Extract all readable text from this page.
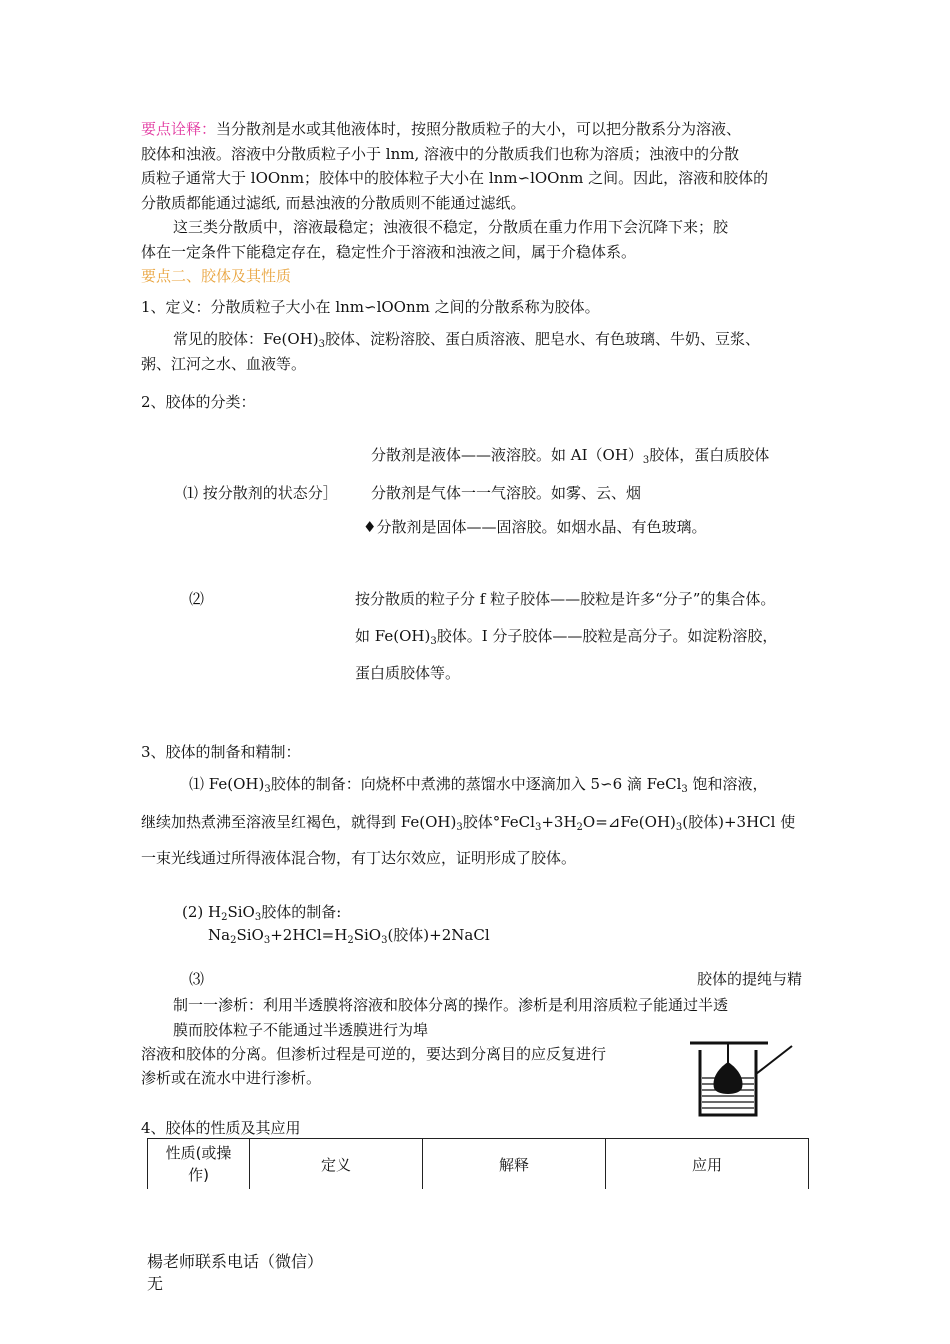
要点诠释：当分散剂是水或其他液体时，按照分散质粒子的大小，可以把分散系分为溶液、
胶体和浊液。溶液中分散质粒子小于 lnm, 溶液中的分散质我们也称为溶质；浊液中的分散
质粒子通常大于 lOOnm；胶体中的胶体粒子大小在 lnm∽lOOnm 之间。因此，溶液和胶体的
分散质都能通过滤纸, 而悬浊液的分散质则不能通过滤纸。
这三类分散质中，溶液最稳定；浊液很不稳定，分散质在重力作用下会沉降下来；胶
体在一定条件下能稳定存在，稳定性介于溶液和浊液之间，属于介稳体系。
要点二、胶体及其性质
1、定义：分散质粒子大小在 lnm∽lOOnm 之间的分散系称为胶体。
常见的胶体：$Fe(OH)_3$胶体、淀粉溶胶、蛋白质溶液、肥皂水、有色玻璃、牛奶、豆浆、
粥、江河之水、血液等。
2、胶体的分类：
分散剂是液体——液溶胶。如 $AI(OH)_3$胶体，蛋白质胶体
⑴ 按分散剂的状态分］ 分散剂是气体一一气溶胶。如雾、云、烟
♦分散剂是固体——固溶胶。如烟水晶、有色玻璃。
⑵	按分散质的粒子分 f 粒子胶体——胶粒是许多“分子”的集合体。
如 $Fe(OH)_3$胶体。I 分子胶体——胶粒是高分子。如淀粉溶胶，
蛋白质胶体等。
3、胶体的制备和精制：
⑴ $Fe(OH)_3$胶体的制备：向烧杯中煮沸的蒸馏水中逐滴加入 5∽6 滴 FeCl$_3$ 饱和溶液，
继续加热煮沸至溶液呈红褐色，就得到 $Fe(OH)_3$胶体$^\circ FeCl_3+3H_2O=⊿Fe(OH)_3$(胶体)+3HCl 使
一束光线通过所得液体混合物，有丁达尔效应，证明形成了胶体。
(2) $H_2SiO_3$胶体的制备:
$Na_2SiO_3+2HCl=H_2SiO_3$(胶体)+2NaCl
⑶	胶体的提纯与精
制一一渗析：利用半透膜将溶液和胶体分离的操作。渗析是利用溶质粒子能通过半透
膜而胶体粒子不能通过半透膜进行为埠
溶液和胶体的分离。但渗析过程是可逆的，要达到分离目的应反复进行
渗析或在流水中进行渗析。
4、胶体的性质及其应用
性质(或操
作)	定义	解释	应用
楊老师联系电话（微信）
无
